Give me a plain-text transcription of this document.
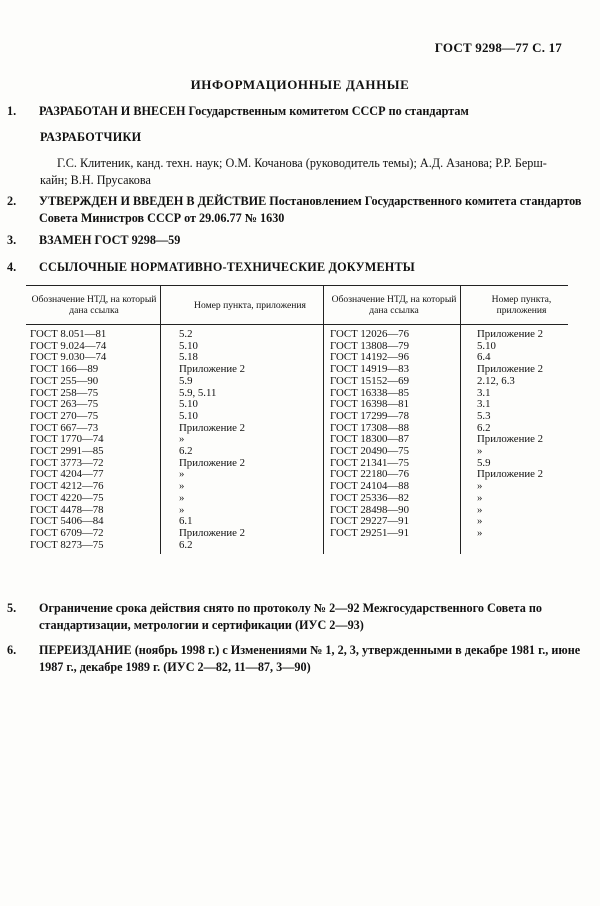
ГОСТ 9298—77 С. 17
ИНФОРМАЦИОННЫЕ ДАННЫЕ
1. РАЗРАБОТАН И ВНЕСЕН Государственным комитетом СССР по стандартам
РАЗРАБОТЧИКИ
Г.С. Клитеник, канд. техн. наук; О.М. Кочанова (руководитель темы); А.Д. Азанова; Р.Р. Берш-
кайн; В.Н. Прусакова
2. УТВЕРЖДЕН И ВВЕДЕН В ДЕЙСТВИЕ Постановлением Государственного комитета стандартов Совета Министров СССР от 29.06.77 № 1630
3. ВЗАМЕН ГОСТ 9298—59
4. ССЫЛОЧНЫЕ НОРМАТИВНО-ТЕХНИЧЕСКИЕ ДОКУМЕНТЫ
Обозначение НТД, на который дана ссылка	Номер пункта, приложения	Обозначение НТД, на который дана ссылка	Номер пункта, приложения
ГОСТ 8.051—81	5.2	ГОСТ 12026—76	Приложение 2
ГОСТ 9.024—74	5.10	ГОСТ 13808—79	5.10
ГОСТ 9.030—74	5.18	ГОСТ 14192—96	6.4
ГОСТ 166—89	Приложение 2	ГОСТ 14919—83	Приложение 2
ГОСТ 255—90	5.9	ГОСТ 15152—69	2.12, 6.3
ГОСТ 258—75	5.9, 5.11	ГОСТ 16338—85	3.1
ГОСТ 263—75	5.10	ГОСТ 16398—81	3.1
ГОСТ 270—75	5.10	ГОСТ 17299—78	5.3
ГОСТ 667—73	Приложение 2	ГОСТ 17308—88	6.2
ГОСТ 1770—74	»	ГОСТ 18300—87	Приложение 2
ГОСТ 2991—85	6.2	ГОСТ 20490—75	»
ГОСТ 3773—72	Приложение 2	ГОСТ 21341—75	5.9
ГОСТ 4204—77	»	ГОСТ 22180—76	Приложение 2
ГОСТ 4212—76	»	ГОСТ 24104—88	»
ГОСТ 4220—75	»	ГОСТ 25336—82	»
ГОСТ 4478—78	»	ГОСТ 28498—90	»
ГОСТ 5406—84	6.1	ГОСТ 29227—91	»
ГОСТ 6709—72	Приложение 2	ГОСТ 29251—91	»
ГОСТ 8273—75	6.2		
5. Ограничение срока действия снято по протоколу № 2—92 Межгосударственного Совета по стандартизации, метрологии и сертификации (ИУС 2—93)
6. ПЕРЕИЗДАНИЕ (ноябрь 1998 г.) с Изменениями № 1, 2, 3, утвержденными в декабре 1981 г., июне 1987 г., декабре 1989 г. (ИУС 2—82, 11—87, 3—90)
